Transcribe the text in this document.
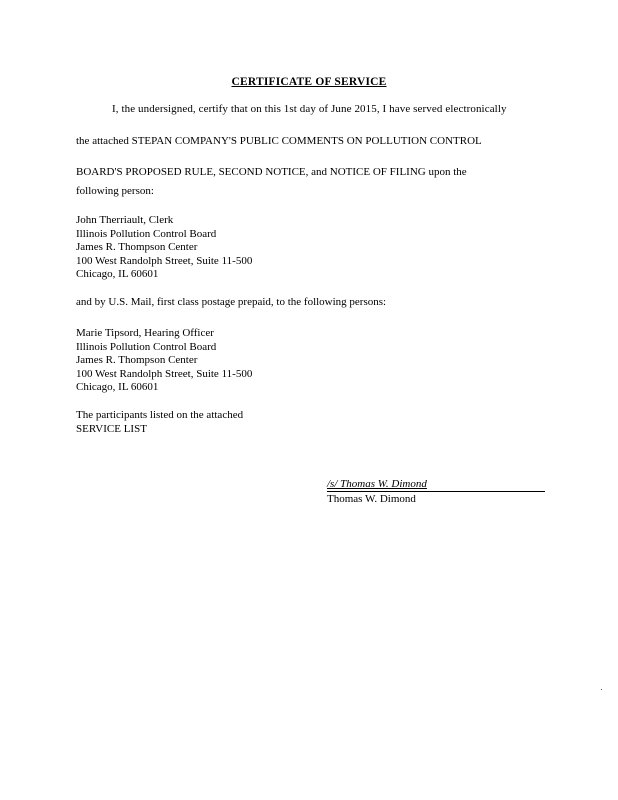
CERTIFICATE OF SERVICE
I, the undersigned, certify that on this 1st day of June 2015, I have served electronically
the attached STEPAN COMPANY'S PUBLIC COMMENTS ON POLLUTION CONTROL
BOARD'S PROPOSED RULE, SECOND NOTICE, and NOTICE OF FILING upon the
following person:
John Therriault, Clerk
Illinois Pollution Control Board
James R. Thompson Center
100 West Randolph Street, Suite 11-500
Chicago, IL 60601
and by U.S. Mail, first class postage prepaid, to the following persons:
Marie Tipsord, Hearing Officer
Illinois Pollution Control Board
James R. Thompson Center
100 West Randolph Street, Suite 11-500
Chicago, IL 60601
The participants listed on the attached
SERVICE LIST
/s/ Thomas W. Dimond
Thomas W. Dimond
